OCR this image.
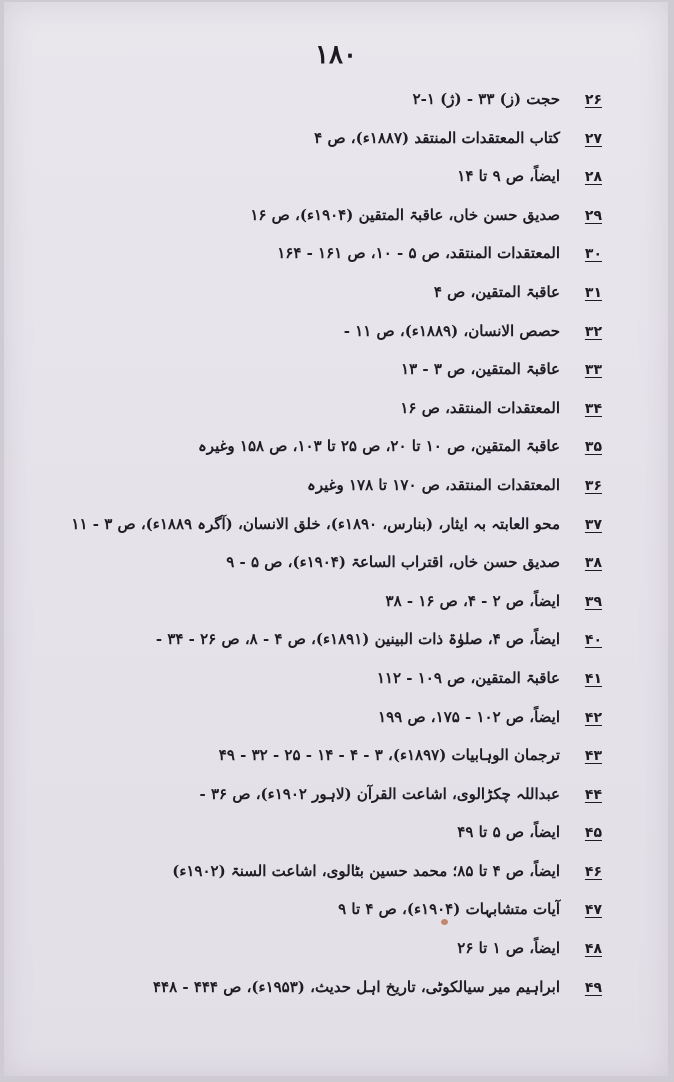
۱۸۰
۲۶حجت (ز) ۳۳ - (ژ) ۱-۲
۲۷کتاب المعتقدات المنتقد (۱۸۸۷ء)، ص ۴
۲۸ایضاً، ص ۹ تا ۱۴
۲۹صدیق حسن خاں، عاقبۃ المتقین (۱۹۰۴ء)، ص ۱۶
۳۰المعتقدات المنتقد، ص ۵ - ۱۰، ص ۱۶۱ - ۱۶۴
۳۱عاقبۃ المتقین، ص ۴
۳۲حصص الانسان، (۱۸۸۹ء)، ص ۱۱ -
۳۳عاقبۃ المتقین، ص ۳ - ۱۳
۳۴المعتقدات المنتقد، ص ۱۶
۳۵عاقبۃ المتقین، ص ۱۰ تا ۲۰، ص ۲۵ تا ۱۰۳، ص ۱۵۸ وغیرہ
۳۶المعتقدات المنتقد، ص ۱۷۰ تا ۱۷۸ وغیرہ
۳۷محو العابتہ بہ ایثار، (بنارس، ۱۸۹۰ء)، خلق الانسان، (آگرہ ۱۸۸۹ء)، ص ۳ - ۱۱
۳۸صدیق حسن خاں، اقتراب الساعۃ (۱۹۰۴ء)، ص ۵ - ۹
۳۹ایضاً، ص ۲ - ۴، ص ۱۶ - ۳۸
۴۰ایضاً، ص ۴، صلوٰۃ ذات البینین (۱۸۹۱ء)، ص ۴ - ۸، ص ۲۶ - ۳۴ -
۴۱عاقبۃ المتقین، ص ۱۰۹ - ۱۱۲
۴۲ایضاً، ص ۱۰۲ - ۱۷۵، ص ۱۹۹
۴۳ترجمان الوہابیات (۱۸۹۷ء)، ۳ - ۴ - ۱۴ - ۲۵ - ۳۲ - ۴۹
۴۴عبداللہ چکڑالوی، اشاعت القرآن (لاہور ۱۹۰۲ء)، ص ۳۶ -
۴۵ایضاً، ص ۵ تا ۴۹
۴۶ایضاً، ص ۴ تا ۸۵؛ محمد حسین بٹالوی، اشاعت السنۃ (۱۹۰۲ء)
۴۷آیات متشابہات (۱۹۰۴ء)، ص ۴ تا ۹
۴۸ایضاً، ص ۱ تا ۲۶
۴۹ابراہیم میر سیالکوٹی، تاریخ اہل حدیث، (۱۹۵۳ء)، ص ۴۴۴ - ۴۴۸
